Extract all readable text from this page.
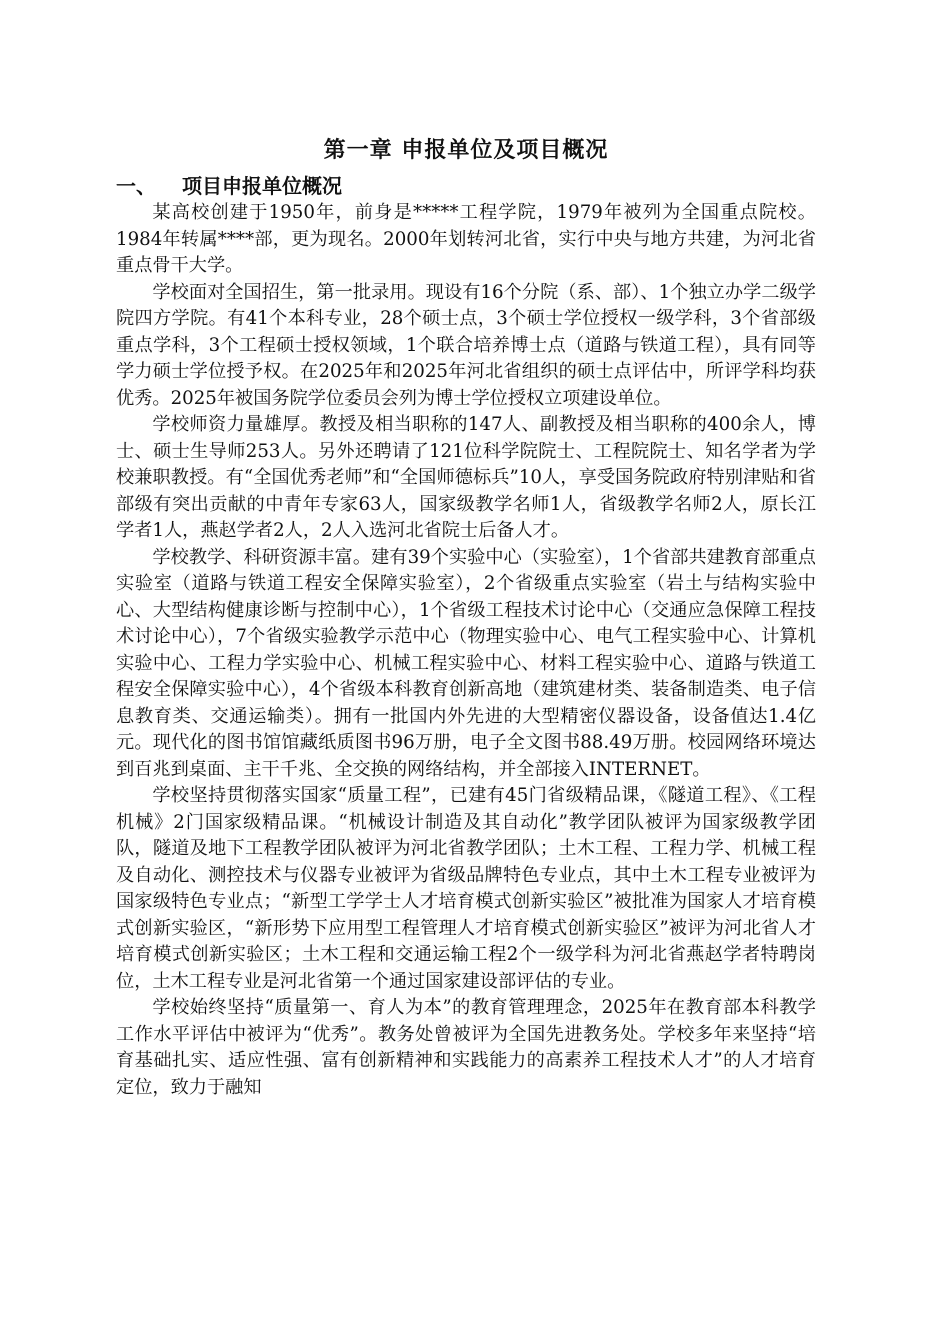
第一章 申报单位及项目概况
一、 项目申报单位概况

某高校创建于1950年，前身是*****工程学院，1979年被列为全国重点院校。1984年转属****部，更为现名。2000年划转河北省，实行中央与地方共建，为河北省重点骨干大学。

学校面对全国招生，第一批录用。现设有16个分院（系、部）、1个独立办学二级学院四方学院。有41个本科专业，28个硕士点，3个硕士学位授权一级学科，3个省部级重点学科，3个工程硕士授权领域，1个联合培养博士点（道路与铁道工程），具有同等学力硕士学位授予权。在2025年和2025年河北省组织的硕士点评估中，所评学科均获优秀。2025年被国务院学位委员会列为博士学位授权立项建设单位。

学校师资力量雄厚。教授及相当职称的147人、副教授及相当职称的400余人，博士、硕士生导师253人。另外还聘请了121位科学院院士、工程院院士、知名学者为学校兼职教授。有“全国优秀老师”和“全国师德标兵”10人，享受国务院政府特别津贴和省部级有突出贡献的中青年专家63人，国家级教学名师1人，省级教学名师2人，原长江学者1人，燕赵学者2人，2人入选河北省院士后备人才。

学校教学、科研资源丰富。建有39个实验中心（实验室），1个省部共建教育部重点实验室（道路与铁道工程安全保障实验室），2个省级重点实验室（岩土与结构实验中心、大型结构健康诊断与控制中心），1个省级工程技术讨论中心（交通应急保障工程技术讨论中心），7个省级实验教学示范中心（物理实验中心、电气工程实验中心、计算机实验中心、工程力学实验中心、机械工程实验中心、材料工程实验中心、道路与铁道工程安全保障实验中心），4个省级本科教育创新高地（建筑建材类、装备制造类、电子信息教育类、交通运输类）。拥有一批国内外先进的大型精密仪器设备，设备值达1.4亿元。现代化的图书馆馆藏纸质图书96万册，电子全文图书88.49万册。校园网络环境达到百兆到桌面、主干千兆、全交换的网络结构，并全部接入INTERNET。

学校坚持贯彻落实国家“质量工程”，已建有45门省级精品课，《隧道工程》、《工程机械》2门国家级精品课。“机械设计制造及其自动化”教学团队被评为国家级教学团队，隧道及地下工程教学团队被评为河北省教学团队；土木工程、工程力学、机械工程及自动化、测控技术与仪器专业被评为省级品牌特色专业点，其中土木工程专业被评为国家级特色专业点；“新型工学学士人才培育模式创新实验区”被批准为国家人才培育模式创新实验区，“新形势下应用型工程管理人才培育模式创新实验区”被评为河北省人才培育模式创新实验区；土木工程和交通运输工程2个一级学科为河北省燕赵学者特聘岗位，土木工程专业是河北省第一个通过国家建设部评估的专业。

学校始终坚持“质量第一、育人为本”的教育管理理念，2025年在教育部本科教学工作水平评估中被评为“优秀”。教务处曾被评为全国先进教务处。学校多年来坚持“培育基础扎实、适应性强、富有创新精神和实践能力的高素养工程技术人才”的人才培育定位，致力于融知
